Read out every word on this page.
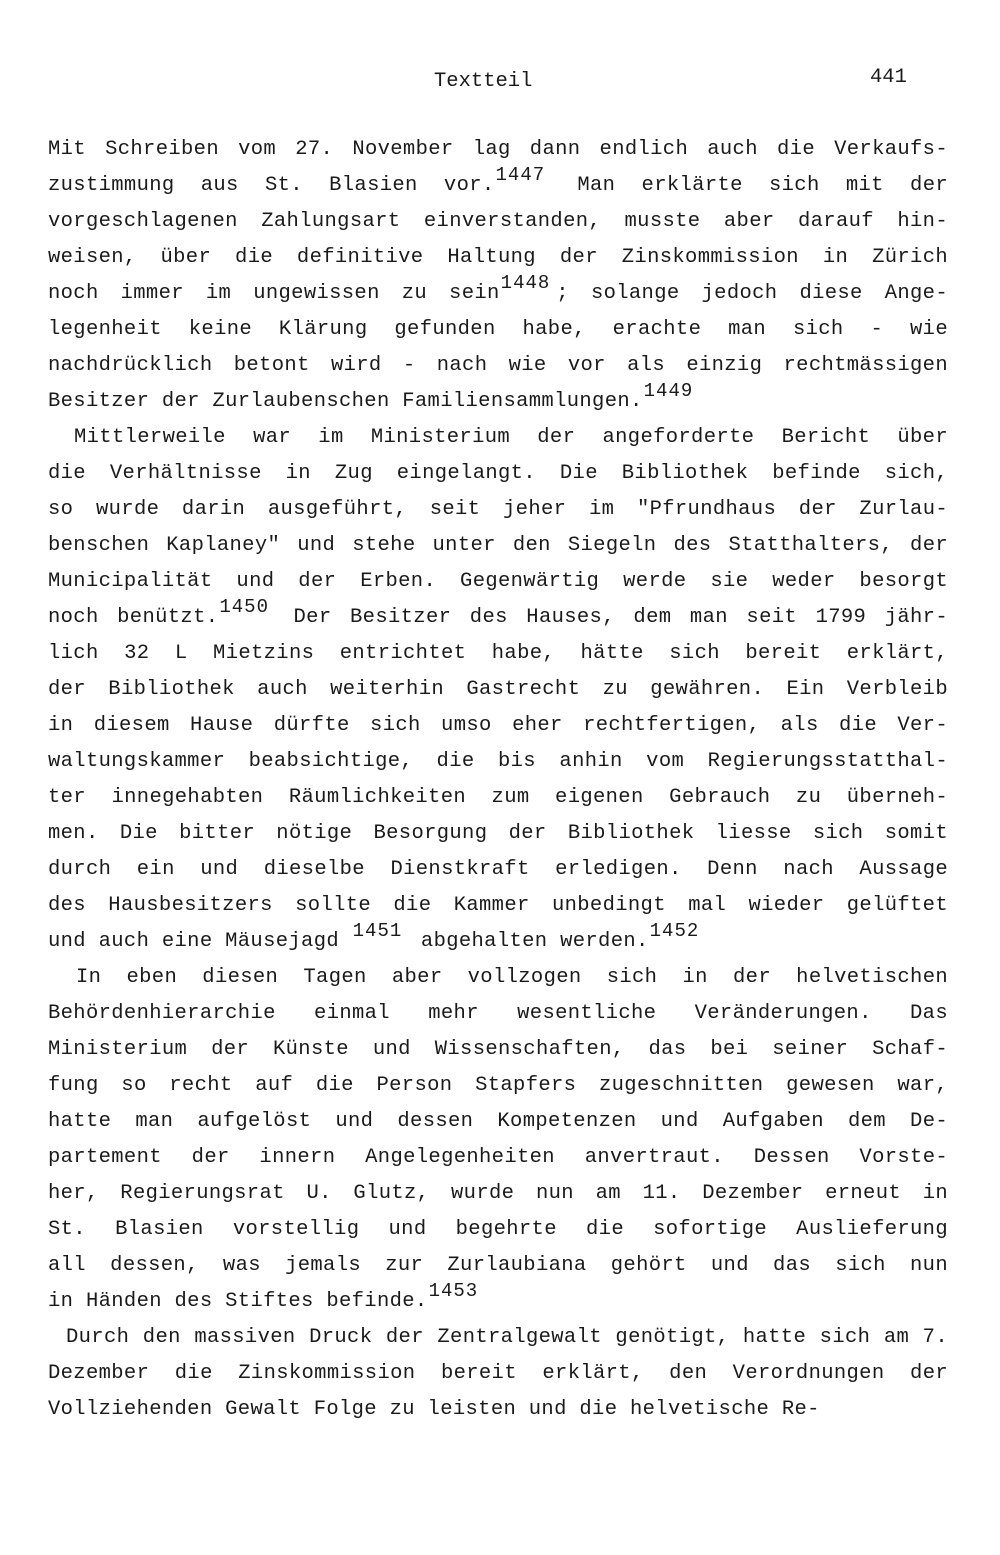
Textteil	441
Mit Schreiben vom 27. November lag dann endlich auch die Verkaufs-
zustimmung aus St. Blasien vor.$^{1447}$ Man erklärte sich mit der
vorgeschlagenen Zahlungsart einverstanden, musste aber darauf hin-
weisen, über die definitive Haltung der Zinskommission in Zürich
noch immer im ungewissen zu sein$^{1448}$ ; solange jedoch diese Ange-
legenheit keine Klärung gefunden habe, erachte man sich - wie
nachdrücklich betont wird - nach wie vor als einzig rechtmässigen
Besitzer der Zurlaubenschen Familiensammlungen.$^{1449}$
Mittlerweile war im Ministerium der angeforderte Bericht über
die Verhältnisse in Zug eingelangt. Die Bibliothek befinde sich,
so wurde darin ausgeführt, seit jeher im "Pfrundhaus der Zurlau-
benschen Kaplaney" und stehe unter den Siegeln des Statthalters, der
Municipalität und der Erben. Gegenwärtig werde sie weder besorgt
noch benützt.$^{1450}$ Der Besitzer des Hauses, dem man seit 1799 jähr-
lich 32 L Mietzins entrichtet habe, hätte sich bereit erklärt,
der Bibliothek auch weiterhin Gastrecht zu gewähren. Ein Verbleib
in diesem Hause dürfte sich umso eher rechtfertigen, als die Ver-
waltungskammer beabsichtige, die bis anhin vom Regierungsstatthal-
ter innegehabten Räumlichkeiten zum eigenen Gebrauch zu überneh-
men. Die bitter nötige Besorgung der Bibliothek liesse sich somit
durch ein und dieselbe Dienstkraft erledigen. Denn nach Aussage
des Hausbesitzers sollte die Kammer unbedingt mal wieder gelüftet
und auch eine Mäusejagd $^{1451}$ abgehalten werden.$^{1452}$
In eben diesen Tagen aber vollzogen sich in der helvetischen
Behördenhierarchie einmal mehr wesentliche Veränderungen. Das
Ministerium der Künste und Wissenschaften, das bei seiner Schaf-
fung so recht auf die Person Stapfers zugeschnitten gewesen war,
hatte man aufgelöst und dessen Kompetenzen und Aufgaben dem De-
partement der innern Angelegenheiten anvertraut. Dessen Vorste-
her, Regierungsrat U. Glutz, wurde nun am 11. Dezember erneut in
St. Blasien vorstellig und begehrte die sofortige Auslieferung
all dessen, was jemals zur Zurlaubiana gehört und das sich nun
in Händen des Stiftes befinde.$^{1453}$
Durch den massiven Druck der Zentralgewalt genötigt, hatte sich am 7.
Dezember die Zinskommission bereit erklärt, den Verordnungen der
Vollziehenden Gewalt Folge zu leisten und die helvetische Re-
